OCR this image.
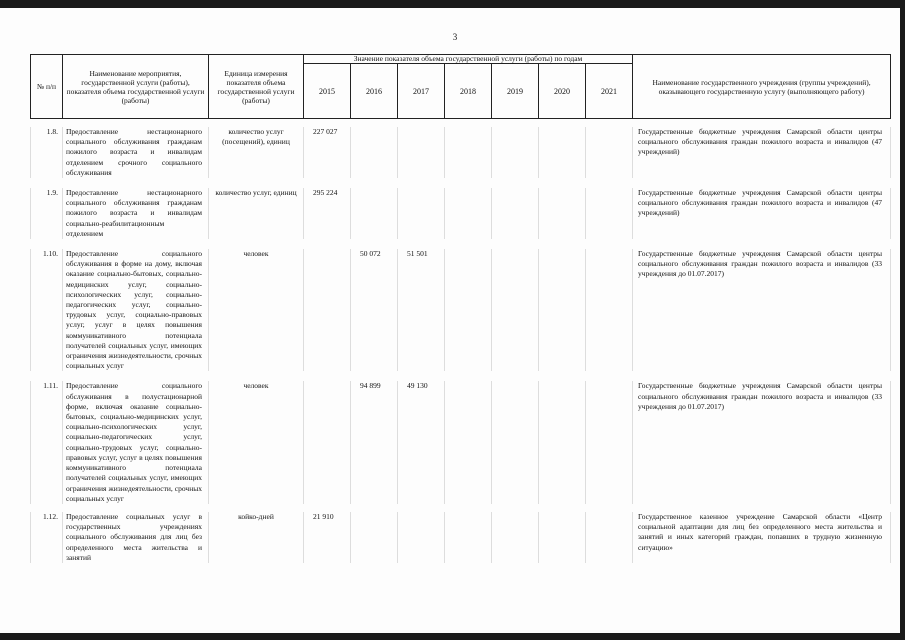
3
№ п/п	Наименование мероприятия, государственной услуги (работы), показателя объема государственной услуги (работы)	Единица измерения показателя объема государственной услуги (работы)	Значение показателя объема государственной услуги (работы) по годам							Наименование государственного учреждения (группы учреждений), оказывающего государственную услугу (выполняющего работу)
			2015	2016	2017	2018	2019	2020	2021	

1.8.	Предоставление нестационарного социального обслуживания гражданам пожилого возраста и инвалидам отделением срочного социального обслуживания	количество услуг (посещений), единиц	227 027							Государственные бюджетные учреждения Самарской области центры социального обслуживания граждан пожилого возраста и инвалидов (47 учреждений)

1.9.	Предоставление нестационарного социального обслуживания гражданам пожилого возраста и инвалидам социально-реабилитационным отделением	количество услуг, единиц	295 224							Государственные бюджетные учреждения Самарской области центры социального обслуживания граждан пожилого возраста и инвалидов (47 учреждений)

1.10.	Предоставление социального обслуживания в форме на дому, включая оказание социально-бытовых, социально-медицинских услуг, социально-психологических услуг, социально-педагогических услуг, социально-трудовых услуг, социально-правовых услуг, услуг в целях повышения коммуникативного потенциала получателей социальных услуг, имеющих ограничения жизнедеятельности, срочных социальных услуг	человек		50 072	51 501					Государственные бюджетные учреждения Самарской области центры социального обслуживания граждан пожилого возраста и инвалидов (33 учреждения до 01.07.2017)

1.11.	Предоставление социального обслуживания в полустационарной форме, включая оказание социально-бытовых, социально-медицинских услуг, социально-психологических услуг, социально-педагогических услуг, социально-трудовых услуг, социально-правовых услуг, услуг в целях повышения коммуникативного потенциала получателей социальных услуг, имеющих ограничения жизнедеятельности, срочных социальных услуг	человек		94 899	49 130					Государственные бюджетные учреждения Самарской области центры социального обслуживания граждан пожилого возраста и инвалидов (33 учреждения до 01.07.2017)

1.12.	Предоставление социальных услуг в государственных учреждениях социального обслуживания для лиц без определенного места жительства и занятий	койко-дней	21 910							Государственное казенное учреждение Самарской области «Центр социальной адаптации для лиц без определенного места жительства и занятий и иных категорий граждан, попавших в трудную жизненную ситуацию»
